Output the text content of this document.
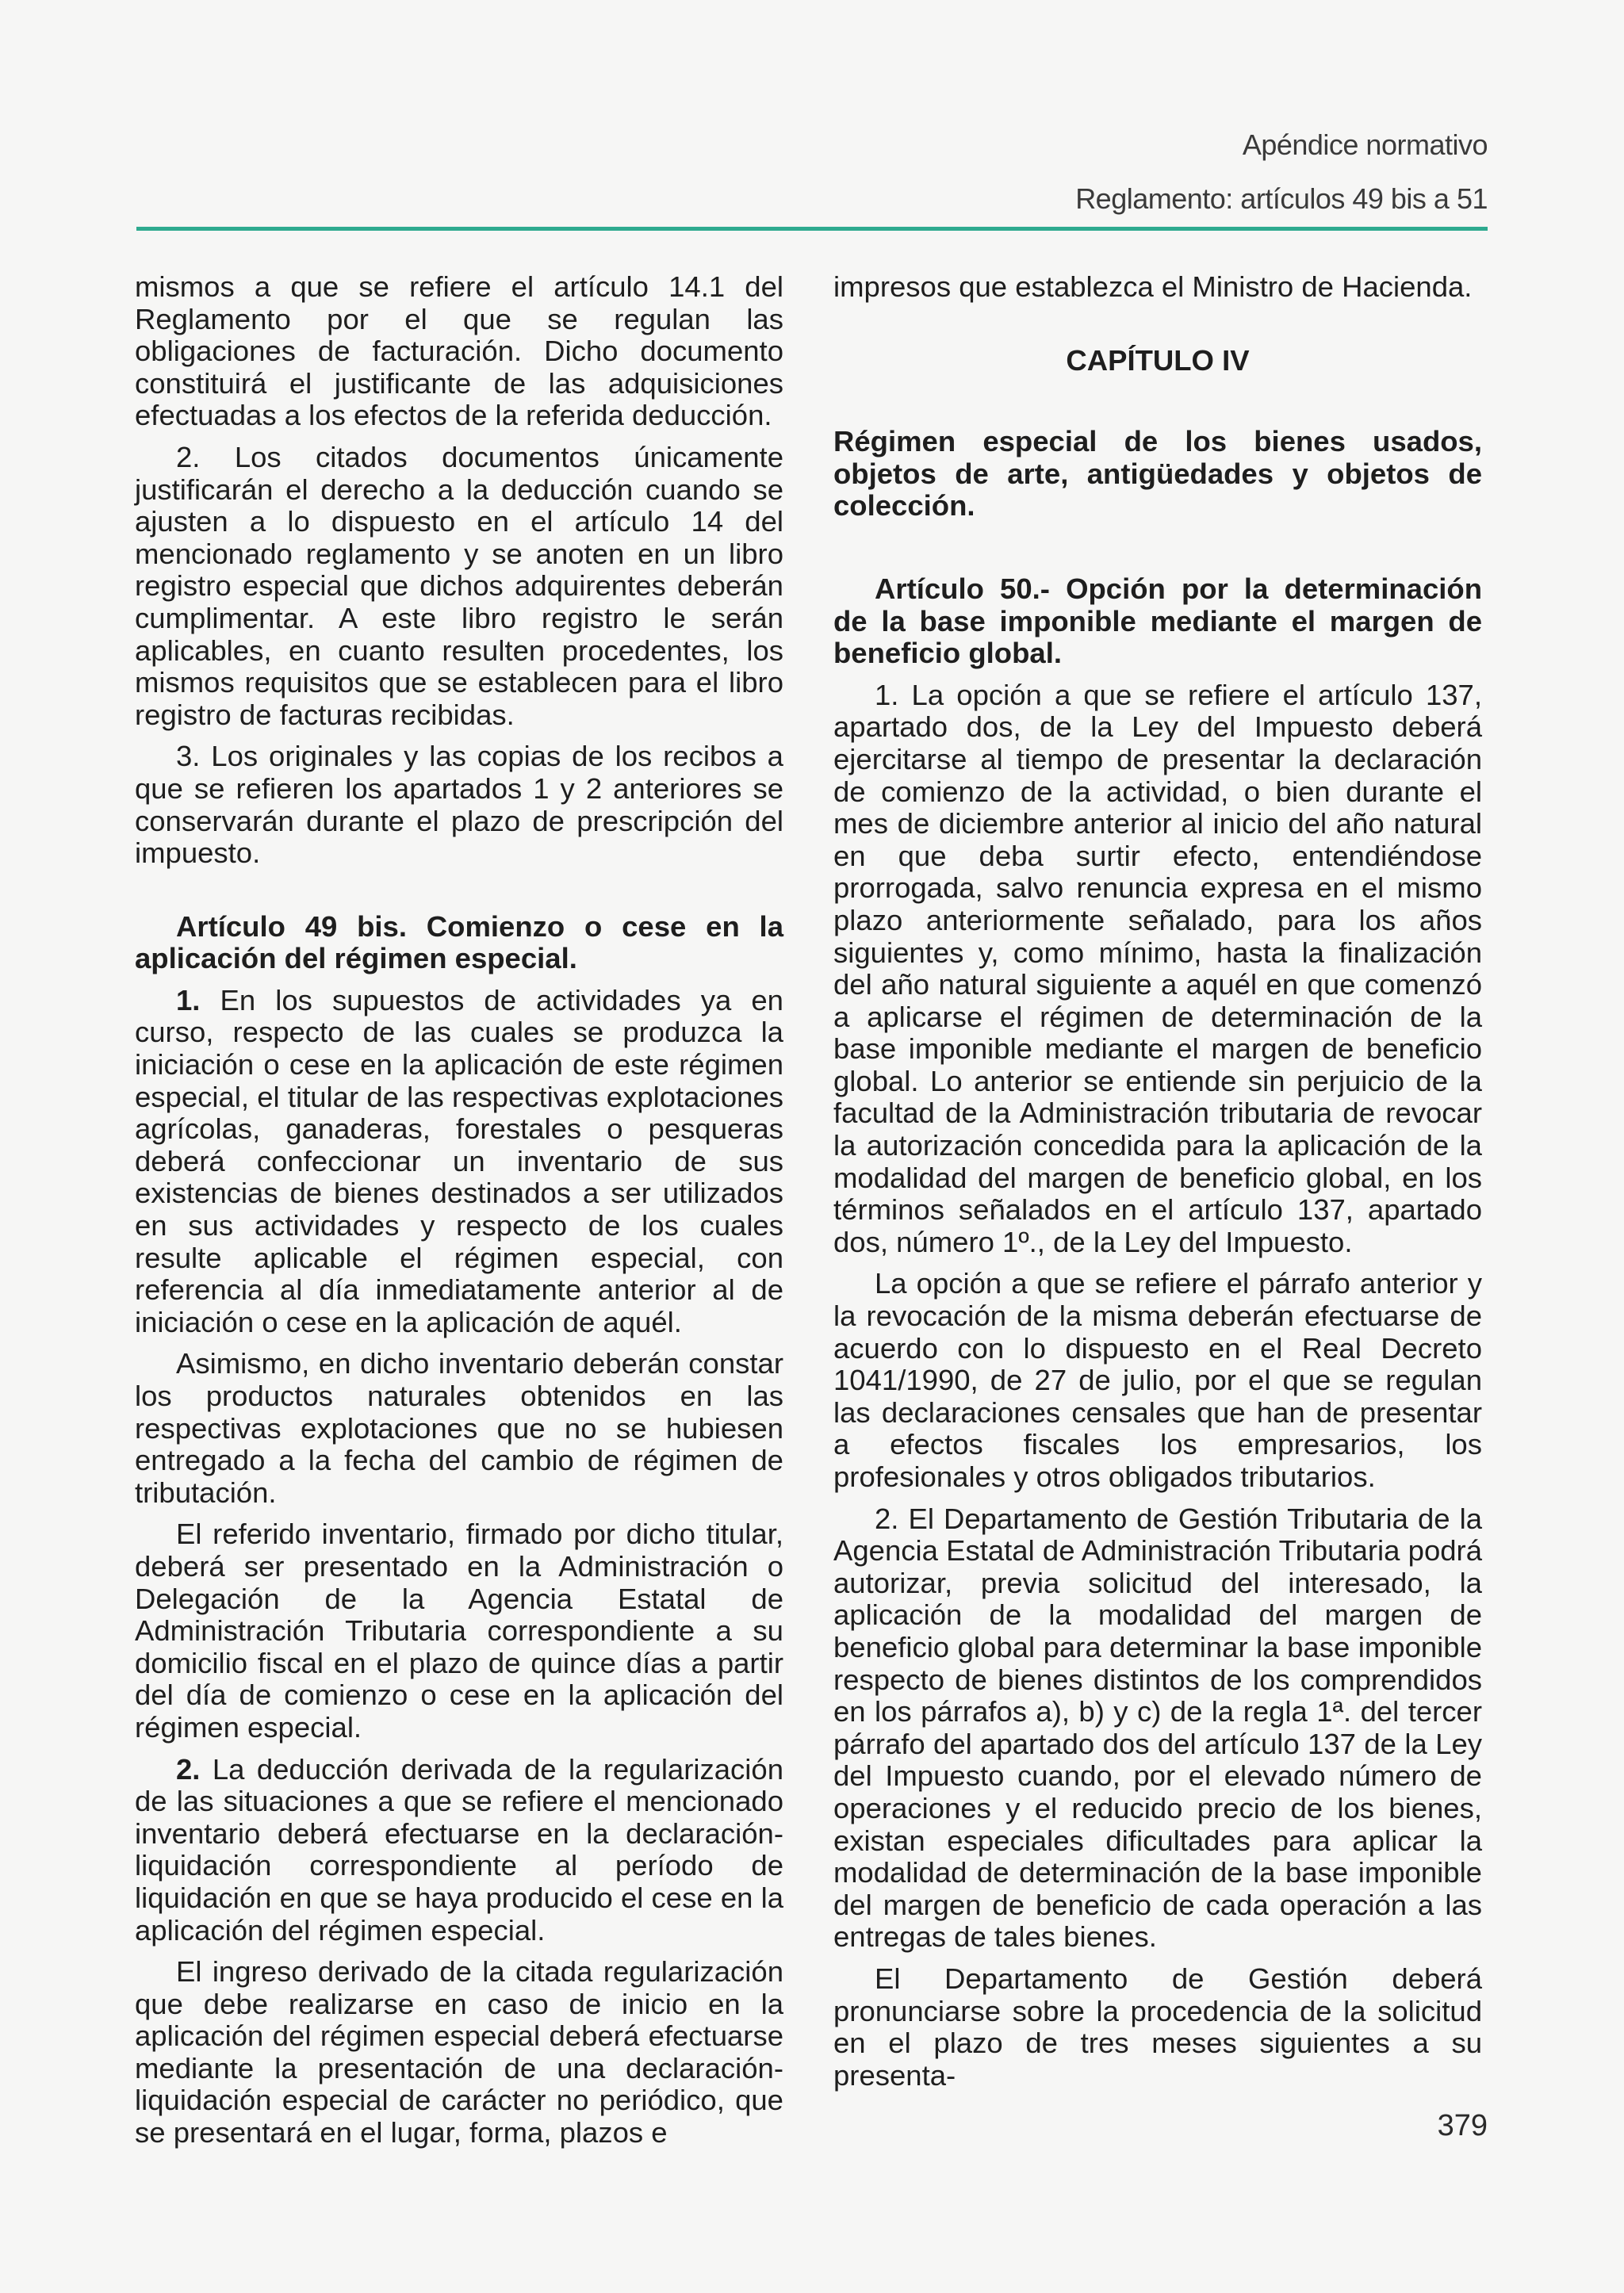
Apéndice normativo
Reglamento: artículos 49 bis a 51

mismos a que se refiere el artículo 14.1 del Reglamento por el que se regulan las obligaciones de facturación. Dicho documento constituirá el justificante de las adquisiciones efectuadas a los efectos de la referida deducción.

2. Los citados documentos únicamente justificarán el derecho a la deducción cuando se ajusten a lo dispuesto en el artículo 14 del mencionado reglamento y se anoten en un libro registro especial que dichos adquirentes deberán cumplimentar. A este libro registro le serán aplicables, en cuanto resulten procedentes, los mismos requisitos que se establecen para el libro registro de facturas recibidas.

3. Los originales y las copias de los recibos a que se refieren los apartados 1 y 2 anteriores se conservarán durante el plazo de prescripción del impuesto.

Artículo 49 bis. Comienzo o cese en la aplicación del régimen especial.

1. En los supuestos de actividades ya en curso, respecto de las cuales se produzca la iniciación o cese en la aplicación de este régimen especial, el titular de las respectivas explotaciones agrícolas, ganaderas, forestales o pesqueras deberá confeccionar un inventario de sus existencias de bienes destinados a ser utilizados en sus actividades y respecto de los cuales resulte aplicable el régimen especial, con referencia al día inmediatamente anterior al de iniciación o cese en la aplicación de aquél.

Asimismo, en dicho inventario deberán constar los productos naturales obtenidos en las respectivas explotaciones que no se hubiesen entregado a la fecha del cambio de régimen de tributación.

El referido inventario, firmado por dicho titular, deberá ser presentado en la Administración o Delegación de la Agencia Estatal de Administración Tributaria correspondiente a su domicilio fiscal en el plazo de quince días a partir del día de comienzo o cese en la aplicación del régimen especial.

2. La deducción derivada de la regularización de las situaciones a que se refiere el mencionado inventario deberá efectuarse en la declaración-liquidación correspondiente al período de liquidación en que se haya producido el cese en la aplicación del régimen especial.

El ingreso derivado de la citada regularización que debe realizarse en caso de inicio en la aplicación del régimen especial deberá efectuarse mediante la presentación de una declaración-liquidación especial de carácter no periódico, que se presentará en el lugar, forma, plazos e

impresos que establezca el Ministro de Hacienda.

CAPÍTULO IV

Régimen especial de los bienes usados, objetos de arte, antigüedades y objetos de colección.

Artículo 50.- Opción por la determinación de la base imponible mediante el margen de beneficio global.

1. La opción a que se refiere el artículo 137, apartado dos, de la Ley del Impuesto deberá ejercitarse al tiempo de presentar la declaración de comienzo de la actividad, o bien durante el mes de diciembre anterior al inicio del año natural en que deba surtir efecto, entendiéndose prorrogada, salvo renuncia expresa en el mismo plazo anteriormente señalado, para los años siguientes y, como mínimo, hasta la finalización del año natural siguiente a aquél en que comenzó a aplicarse el régimen de determinación de la base imponible mediante el margen de beneficio global. Lo anterior se entiende sin perjuicio de la facultad de la Administración tributaria de revocar la autorización concedida para la aplicación de la modalidad del margen de beneficio global, en los términos señalados en el artículo 137, apartado dos, número 1º., de la Ley del Impuesto.

La opción a que se refiere el párrafo anterior y la revocación de la misma deberán efectuarse de acuerdo con lo dispuesto en el Real Decreto 1041/1990, de 27 de julio, por el que se regulan las declaraciones censales que han de presentar a efectos fiscales los empresarios, los profesionales y otros obligados tributarios.

2. El Departamento de Gestión Tributaria de la Agencia Estatal de Administración Tributaria podrá autorizar, previa solicitud del interesado, la aplicación de la modalidad del margen de beneficio global para determinar la base imponible respecto de bienes distintos de los comprendidos en los párrafos a), b) y c) de la regla 1ª. del tercer párrafo del apartado dos del artículo 137 de la Ley del Impuesto cuando, por el elevado número de operaciones y el reducido precio de los bienes, existan especiales dificultades para aplicar la modalidad de determinación de la base imponible del margen de beneficio de cada operación a las entregas de tales bienes.

El Departamento de Gestión deberá pronunciarse sobre la procedencia de la solicitud en el plazo de tres meses siguientes a su presenta-

379
